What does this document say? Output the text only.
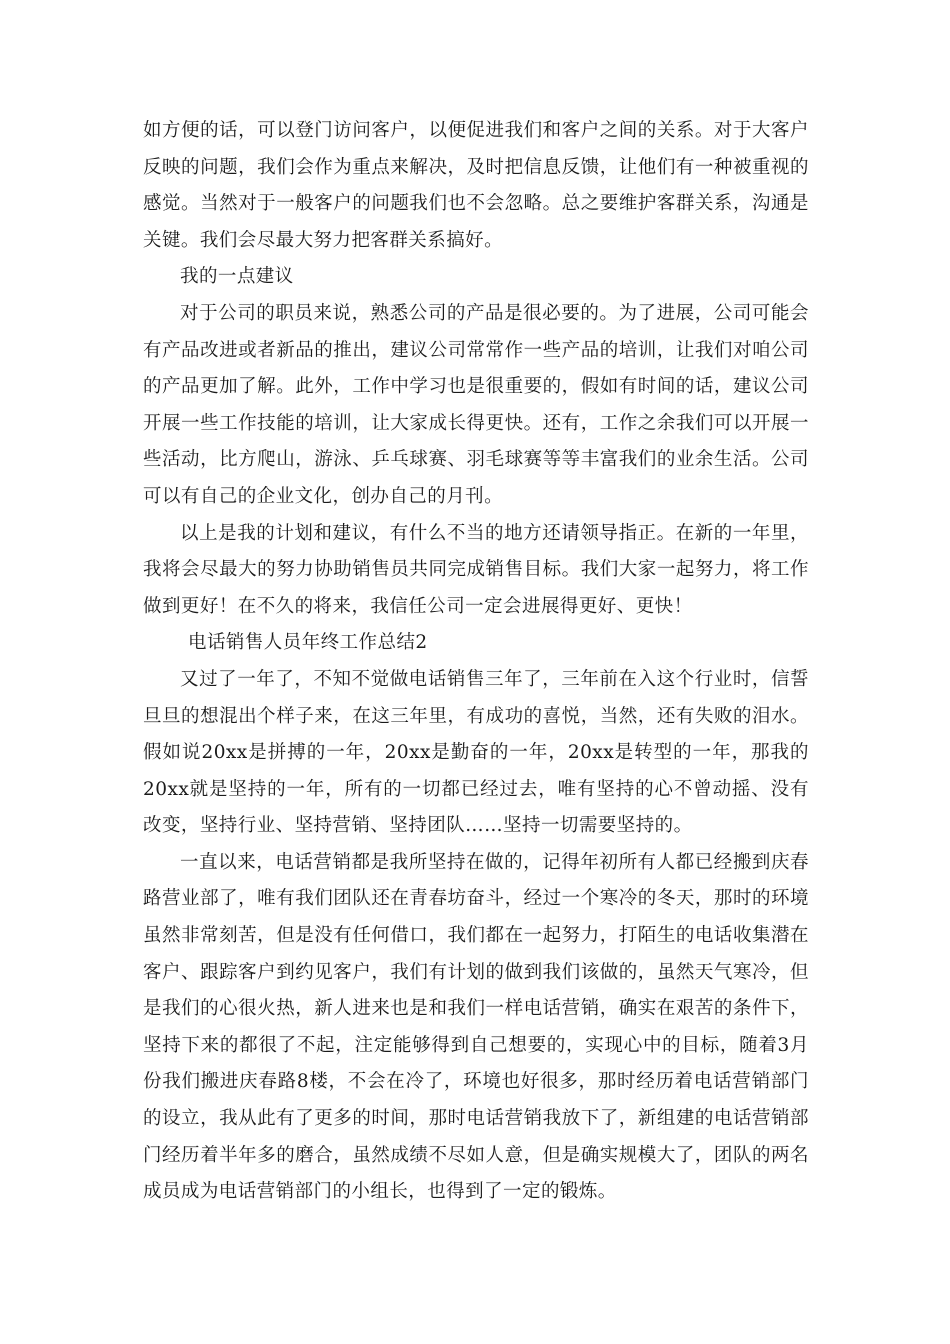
如方便的话，可以登门访问客户，以便促进我们和客户之间的关系。对于大客户反映的问题，我们会作为重点来解决，及时把信息反馈，让他们有一种被重视的感觉。当然对于一般客户的问题我们也不会忽略。总之要维护客群关系，沟通是关键。我们会尽最大努力把客群关系搞好。

我的一点建议

对于公司的职员来说，熟悉公司的产品是很必要的。为了进展，公司可能会有产品改进或者新品的推出，建议公司常常作一些产品的培训，让我们对咱公司的产品更加了解。此外，工作中学习也是很重要的，假如有时间的话，建议公司开展一些工作技能的培训，让大家成长得更快。还有，工作之余我们可以开展一些活动，比方爬山，游泳、乒乓球赛、羽毛球赛等等丰富我们的业余生活。公司可以有自己的企业文化，创办自己的月刊。

以上是我的计划和建议，有什么不当的地方还请领导指正。在新的一年里，我将会尽最大的努力协助销售员共同完成销售目标。我们大家一起努力，将工作做到更好！在不久的将来，我信任公司一定会进展得更好、更快！

电话销售人员年终工作总结2

又过了一年了，不知不觉做电话销售三年了，三年前在入这个行业时，信誓旦旦的想混出个样子来，在这三年里，有成功的喜悦，当然，还有失败的泪水。假如说20xx是拼搏的一年，20xx是勤奋的一年，20xx是转型的一年，那我的20xx就是坚持的一年，所有的一切都已经过去，唯有坚持的心不曾动摇、没有改变，坚持行业、坚持营销、坚持团队……坚持一切需要坚持的。

一直以来，电话营销都是我所坚持在做的，记得年初所有人都已经搬到庆春路营业部了，唯有我们团队还在青春坊奋斗，经过一个寒冷的冬天，那时的环境虽然非常刻苦，但是没有任何借口，我们都在一起努力，打陌生的电话收集潜在客户、跟踪客户到约见客户，我们有计划的做到我们该做的，虽然天气寒冷，但是我们的心很火热，新人进来也是和我们一样电话营销，确实在艰苦的条件下，坚持下来的都很了不起，注定能够得到自己想要的，实现心中的目标，随着3月份我们搬进庆春路8楼，不会在冷了，环境也好很多，那时经历着电话营销部门的设立，我从此有了更多的时间，那时电话营销我放下了，新组建的电话营销部门经历着半年多的磨合，虽然成绩不尽如人意，但是确实规模大了，团队的两名成员成为电话营销部门的小组长，也得到了一定的锻炼。
